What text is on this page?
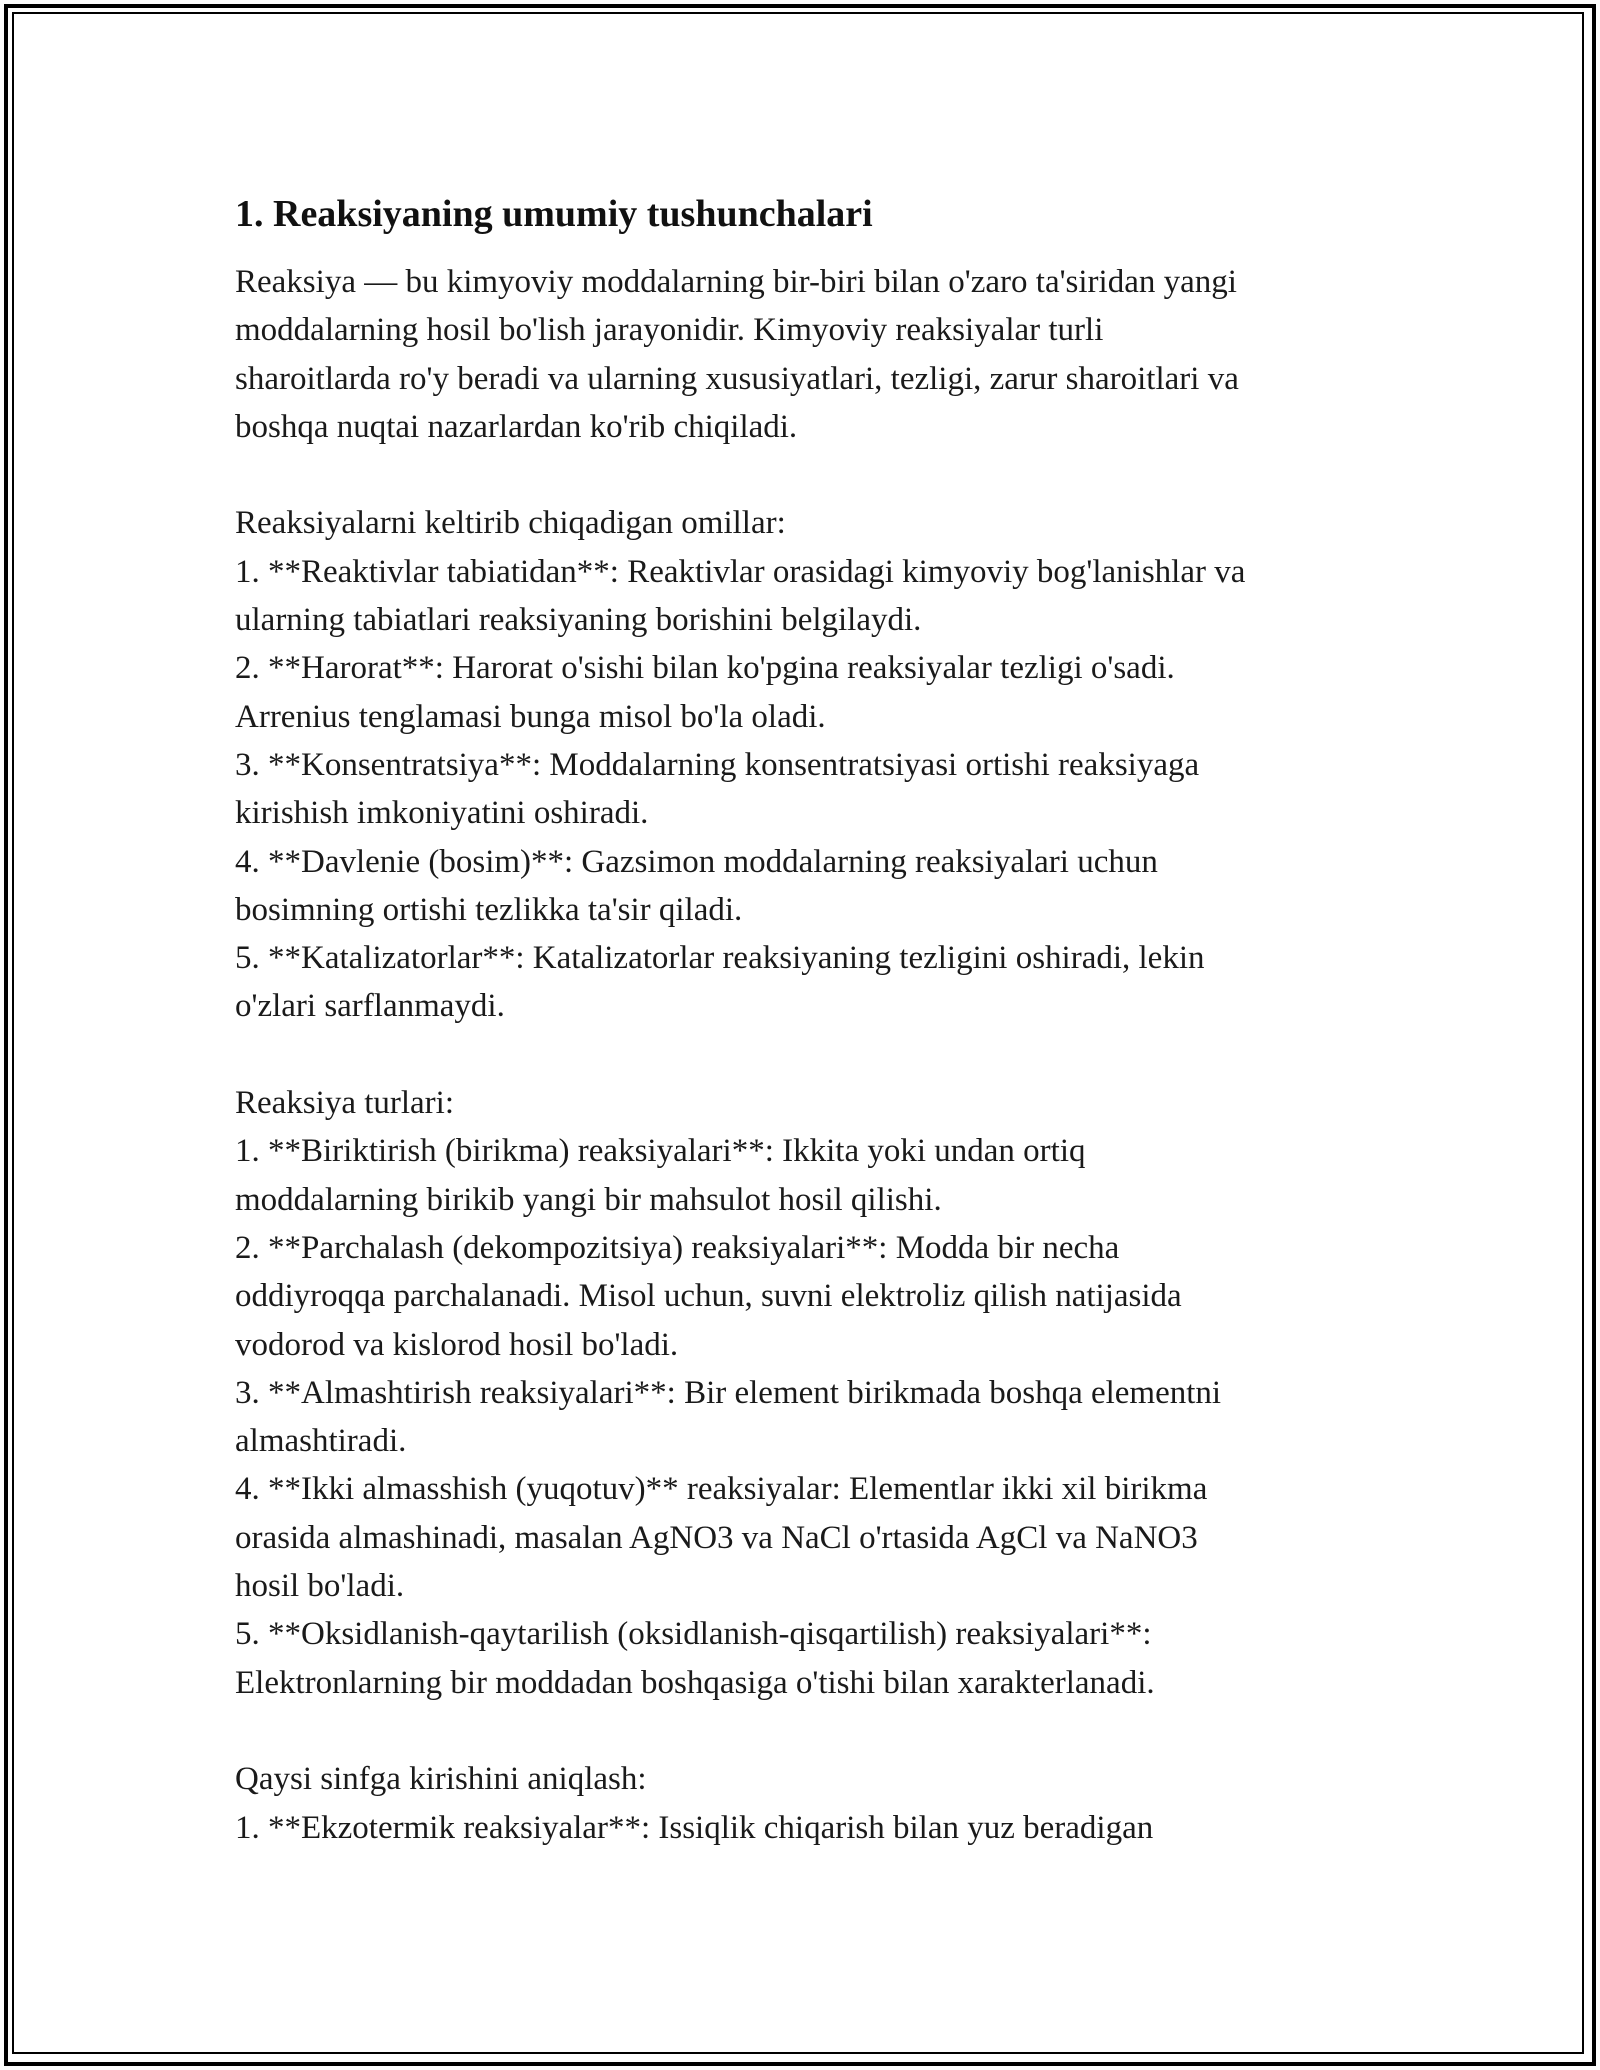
1. Reaksiyaning umumiy tushunchalari
Reaksiya — bu kimyoviy moddalarning bir-biri bilan o'zaro ta'siridan yangi
moddalarning hosil bo'lish jarayonidir. Kimyoviy reaksiyalar turli
sharoitlarda ro'y beradi va ularning xususiyatlari, tezligi, zarur sharoitlari va
boshqa nuqtai nazarlardan ko'rib chiqiladi.
Reaksiyalarni keltirib chiqadigan omillar:
1. **Reaktivlar tabiatidan**: Reaktivlar orasidagi kimyoviy bog'lanishlar va
ularning tabiatlari reaksiyaning borishini belgilaydi.
2. **Harorat**: Harorat o'sishi bilan ko'pgina reaksiyalar tezligi o'sadi.
Arrenius tenglamasi bunga misol bo'la oladi.
3. **Konsentratsiya**: Moddalarning konsentratsiyasi ortishi reaksiyaga
kirishish imkoniyatini oshiradi.
4. **Davlenie (bosim)**: Gazsimon moddalarning reaksiyalari uchun
bosimning ortishi tezlikka ta'sir qiladi.
5. **Katalizatorlar**: Katalizatorlar reaksiyaning tezligini oshiradi, lekin
o'zlari sarflanmaydi.
Reaksiya turlari:
1. **Biriktirish (birikma) reaksiyalari**: Ikkita yoki undan ortiq
moddalarning birikib yangi bir mahsulot hosil qilishi.
2. **Parchalash (dekompozitsiya) reaksiyalari**: Modda bir necha
oddiyroqqa parchalanadi. Misol uchun, suvni elektroliz qilish natijasida
vodorod va kislorod hosil bo'ladi.
3. **Almashtirish reaksiyalari**: Bir element birikmada boshqa elementni
almashtiradi.
4. **Ikki almasshish (yuqotuv)** reaksiyalar: Elementlar ikki xil birikma
orasida almashinadi, masalan AgNO3 va NaCl o'rtasida AgCl va NaNO3
hosil bo'ladi.
5. **Oksidlanish-qaytarilish (oksidlanish-qisqartilish) reaksiyalari**:
Elektronlarning bir moddadan boshqasiga o'tishi bilan xarakterlanadi.
Qaysi sinfga kirishini aniqlash:
1. **Ekzotermik reaksiyalar**: Issiqlik chiqarish bilan yuz beradigan
